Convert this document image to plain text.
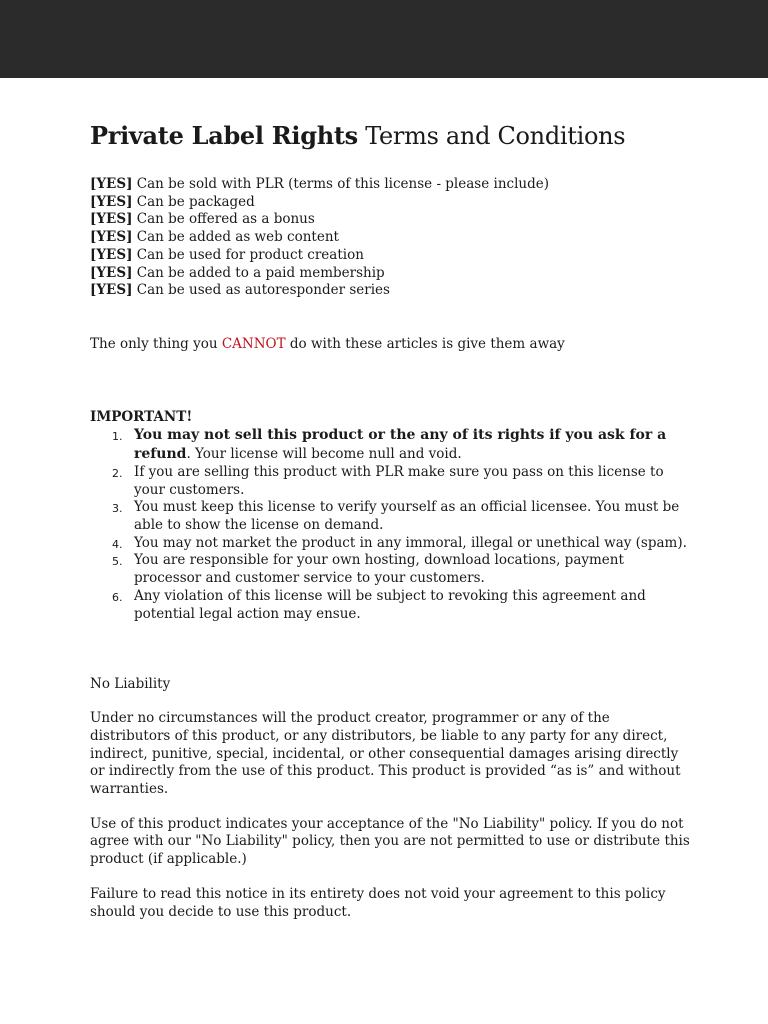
Private Label Rights Terms and Conditions
[YES] Can be sold with PLR (terms of this license - please include)
[YES] Can be packaged
[YES] Can be offered as a bonus
[YES] Can be added as web content
[YES] Can be used for product creation
[YES] Can be added to a paid membership
[YES] Can be used as autoresponder series

The only thing you CANNOT do with these articles is give them away

IMPORTANT!

1. You may not sell this product or the any of its rights if you ask for a refund. Your license will become null and void.
2. If you are selling this product with PLR make sure you pass on this license to your customers.
3. You must keep this license to verify yourself as an official licensee. You must be able to show the license on demand.
4. You may not market the product in any immoral, illegal or unethical way (spam).
5. You are responsible for your own hosting, download locations, payment processor and customer service to your customers.
6. Any violation of this license will be subject to revoking this agreement and potential legal action may ensue.

No Liability

Under no circumstances will the product creator, programmer or any of the distributors of this product, or any distributors, be liable to any party for any direct, indirect, punitive, special, incidental, or other consequential damages arising directly or indirectly from the use of this product. This product is provided “as is” and without warranties.

Use of this product indicates your acceptance of the "No Liability" policy. If you do not agree with our "No Liability" policy, then you are not permitted to use or distribute this product (if applicable.)

Failure to read this notice in its entirety does not void your agreement to this policy should you decide to use this product.
